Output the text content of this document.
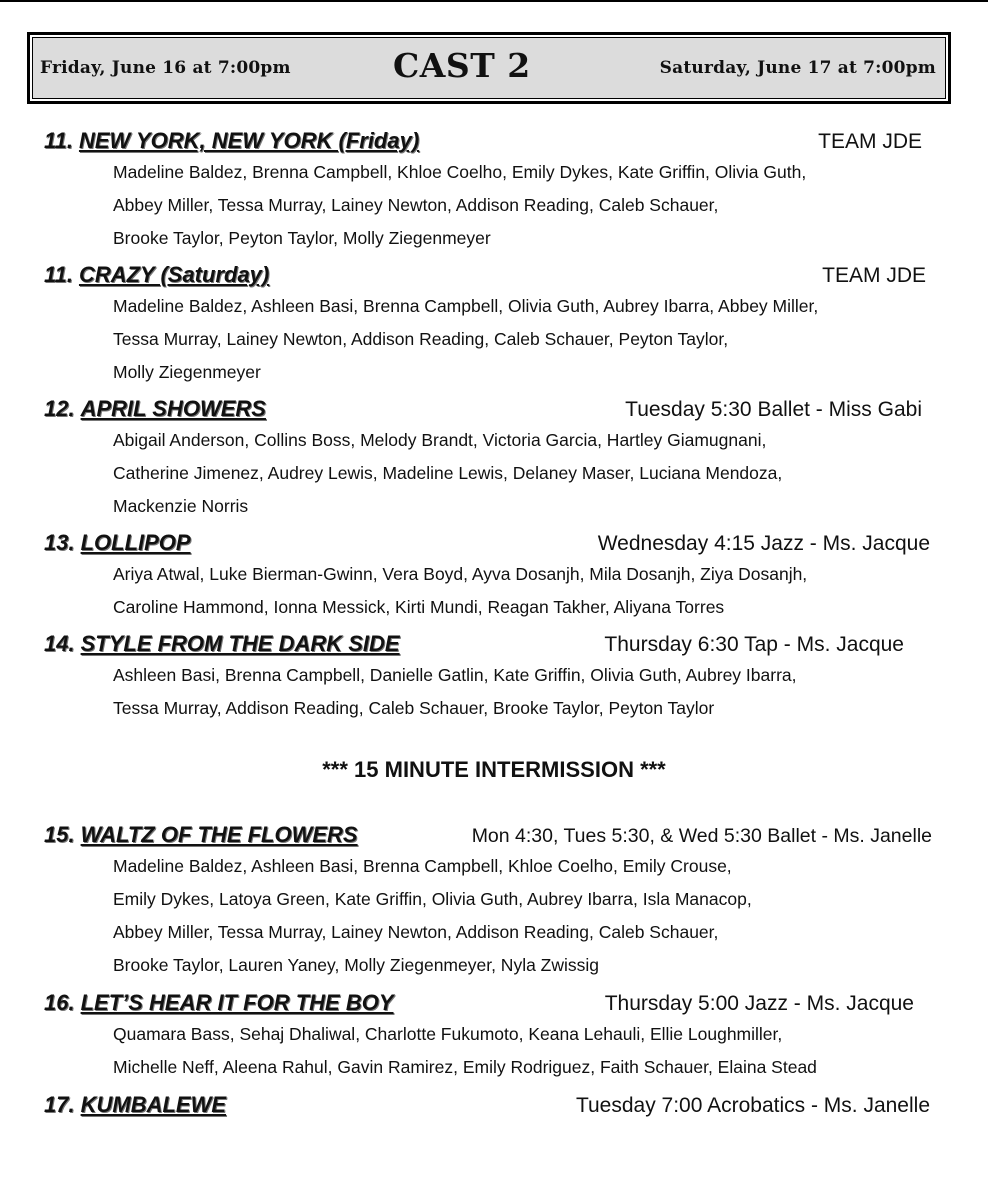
Friday, June 16 at 7:00pm	CAST 2	Saturday, June 17 at 7:00pm
11. NEW YORK, NEW YORK (Friday)	TEAM JDE
Madeline Baldez, Brenna Campbell, Khloe Coelho, Emily Dykes, Kate Griffin, Olivia Guth,
Abbey Miller, Tessa Murray, Lainey Newton, Addison Reading, Caleb Schauer,
Brooke Taylor, Peyton Taylor, Molly Ziegenmeyer
11. CRAZY (Saturday)	TEAM JDE
Madeline Baldez, Ashleen Basi, Brenna Campbell, Olivia Guth, Aubrey Ibarra, Abbey Miller,
Tessa Murray, Lainey Newton, Addison Reading, Caleb Schauer, Peyton Taylor,
Molly Ziegenmeyer
12. APRIL SHOWERS	Tuesday 5:30 Ballet - Miss Gabi
Abigail Anderson, Collins Boss, Melody Brandt, Victoria Garcia, Hartley Giamugnani,
Catherine Jimenez, Audrey Lewis, Madeline Lewis, Delaney Maser, Luciana Mendoza,
Mackenzie Norris
13. LOLLIPOP	Wednesday 4:15 Jazz - Ms. Jacque
Ariya Atwal, Luke Bierman-Gwinn, Vera Boyd, Ayva Dosanjh, Mila Dosanjh, Ziya Dosanjh,
Caroline Hammond, Ionna Messick, Kirti Mundi, Reagan Takher, Aliyana Torres
14. STYLE FROM THE DARK SIDE	Thursday 6:30 Tap - Ms. Jacque
Ashleen Basi, Brenna Campbell, Danielle Gatlin, Kate Griffin, Olivia Guth, Aubrey Ibarra,
Tessa Murray, Addison Reading, Caleb Schauer, Brooke Taylor, Peyton Taylor
*** 15 MINUTE INTERMISSION ***
15. WALTZ OF THE FLOWERS	Mon 4:30, Tues 5:30, & Wed 5:30 Ballet - Ms. Janelle
Madeline Baldez, Ashleen Basi, Brenna Campbell, Khloe Coelho, Emily Crouse,
Emily Dykes, Latoya Green, Kate Griffin, Olivia Guth, Aubrey Ibarra, Isla Manacop,
Abbey Miller, Tessa Murray, Lainey Newton, Addison Reading, Caleb Schauer,
Brooke Taylor, Lauren Yaney, Molly Ziegenmeyer, Nyla Zwissig
16. LET’S HEAR IT FOR THE BOY	Thursday 5:00 Jazz - Ms. Jacque
Quamara Bass, Sehaj Dhaliwal, Charlotte Fukumoto, Keana Lehauli, Ellie Loughmiller,
Michelle Neff, Aleena Rahul, Gavin Ramirez, Emily Rodriguez, Faith Schauer, Elaina Stead
17. KUMBALEWE	Tuesday 7:00 Acrobatics - Ms. Janelle
